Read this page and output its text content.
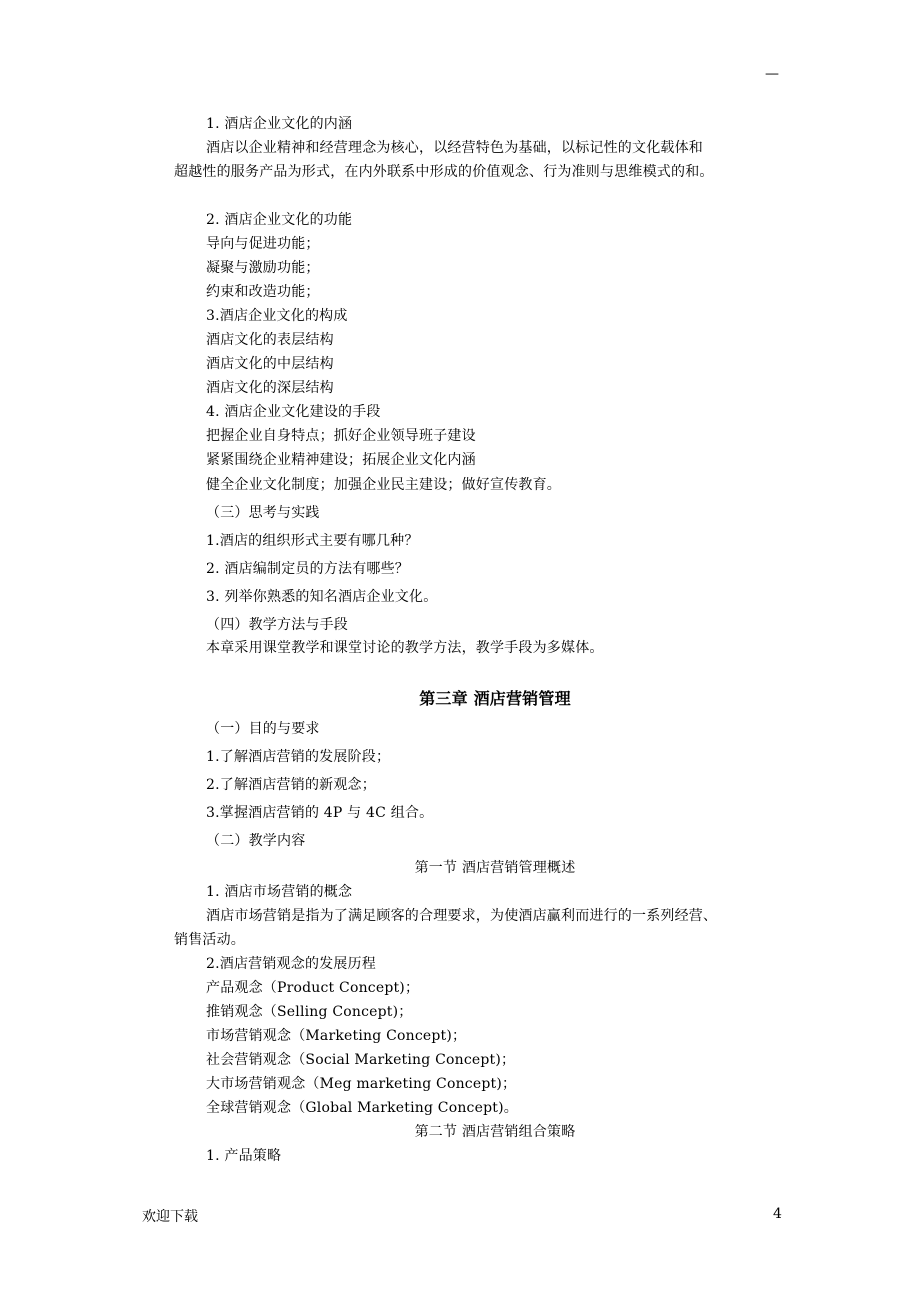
—
1. 酒店企业文化的内涵
酒店以企业精神和经营理念为核心，以经营特色为基础，以标记性的文化载体和
超越性的服务产品为形式，在内外联系中形成的价值观念、行为准则与思维模式的和。
2. 酒店企业文化的功能
导向与促进功能；
凝聚与激励功能；
约束和改造功能；
3.酒店企业文化的构成
酒店文化的表层结构
酒店文化的中层结构
酒店文化的深层结构
4. 酒店企业文化建设的手段
把握企业自身特点；抓好企业领导班子建设
紧紧围绕企业精神建设；拓展企业文化内涵
健全企业文化制度；加强企业民主建设；做好宣传教育。
（三）思考与实践
1.酒店的组织形式主要有哪几种？
2. 酒店编制定员的方法有哪些？
3. 列举你熟悉的知名酒店企业文化。
（四）教学方法与手段
本章采用课堂教学和课堂讨论的教学方法，教学手段为多媒体。
第三章 酒店营销管理
（一）目的与要求
1.了解酒店营销的发展阶段；
2.了解酒店营销的新观念；
3.掌握酒店营销的 4P 与 4C 组合。
（二）教学内容
第一节 酒店营销管理概述
1. 酒店市场营销的概念
酒店市场营销是指为了满足顾客的合理要求，为使酒店赢利而进行的一系列经营、
销售活动。
2.酒店营销观念的发展历程
产品观念（Product Concept)；
推销观念（Selling Concept)；
市场营销观念（Marketing Concept)；
社会营销观念（Social Marketing Concept)；
大市场营销观念（Meg marketing Concept)；
全球营销观念（Global Marketing Concept)。
第二节 酒店营销组合策略
1. 产品策略
欢迎下载	4
